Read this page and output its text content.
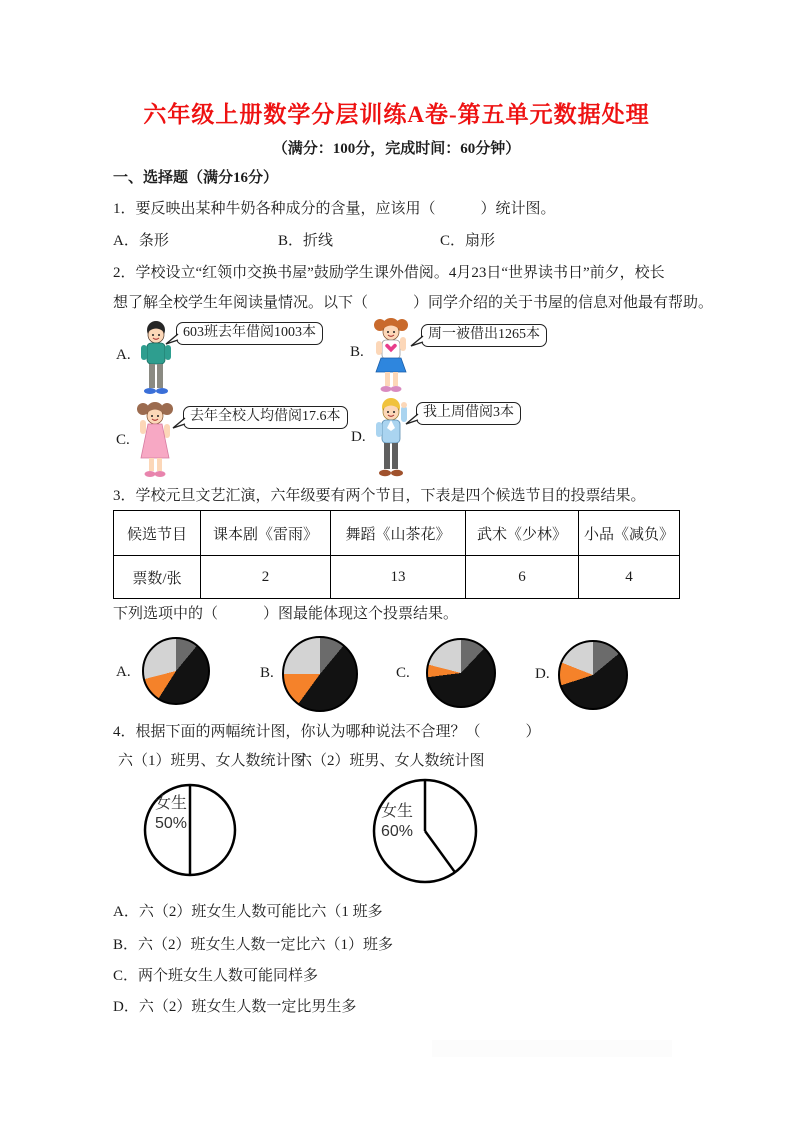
六年级上册数学分层训练A卷-第五单元数据处理
（满分：100分，完成时间：60分钟）
一、选择题（满分16分）
1．要反映出某种牛奶各种成分的含量，应该用（　　　）统计图。
A．条形	B．折线	C．扇形
2．学校设立“红领巾交换书屋”鼓励学生课外借阅。4月23日“世界读书日”前夕，校长
想了解全校学生年阅读量情况。以下（　　　）同学介绍的关于书屋的信息对他最有帮助。
A.
603班去年借阅1003本
B.
周一被借出1265本
C.
去年全校人均借阅17.6本
D.
我上周借阅3本
3．学校元旦文艺汇演，六年级要有两个节目，下表是四个候选节目的投票结果。
候选节目	课本剧《雷雨》	舞蹈《山茶花》	武术《少林》	小品《减负》
票数/张	2	13	6	4
下列选项中的（　　　）图最能体现这个投票结果。
A.	B.	C.	D.
4．根据下面的两幅统计图，你认为哪种说法不合理？（　　　）
六（1）班男、女人数统计图
六（2）班男、女人数统计图
女生
50%
女生
60%
A．六（2）班女生人数可能比六（1 班多
B．六（2）班女生人数一定比六（1）班多
C．两个班女生人数可能同样多
D．六（2）班女生人数一定比男生多
